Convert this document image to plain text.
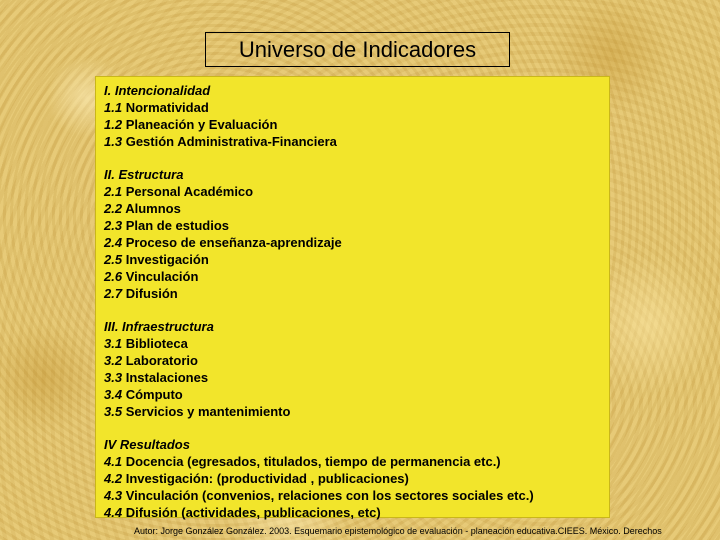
Universo de Indicadores
I. Intencionalidad
1.1 Normatividad
1.2 Planeación y Evaluación
1.3 Gestión Administrativa-Financiera
II. Estructura
2.1 Personal Académico
2.2 Alumnos
2.3 Plan de estudios
2.4 Proceso de enseñanza-aprendizaje
2.5 Investigación
2.6 Vinculación
2.7 Difusión
III. Infraestructura
3.1 Biblioteca
3.2 Laboratorio
3.3 Instalaciones
3.4 Cómputo
3.5 Servicios y mantenimiento
IV Resultados
4.1 Docencia (egresados, titulados, tiempo de permanencia etc.)
4.2 Investigación: (productividad , publicaciones)
4.3 Vinculación (convenios, relaciones con los sectores sociales etc.)
4.4 Difusión (actividades, publicaciones, etc)
Autor: Jorge González González. 2003. Esquemario epistemológico de evaluación - planeación educativa.CIEES. México. Derechos
